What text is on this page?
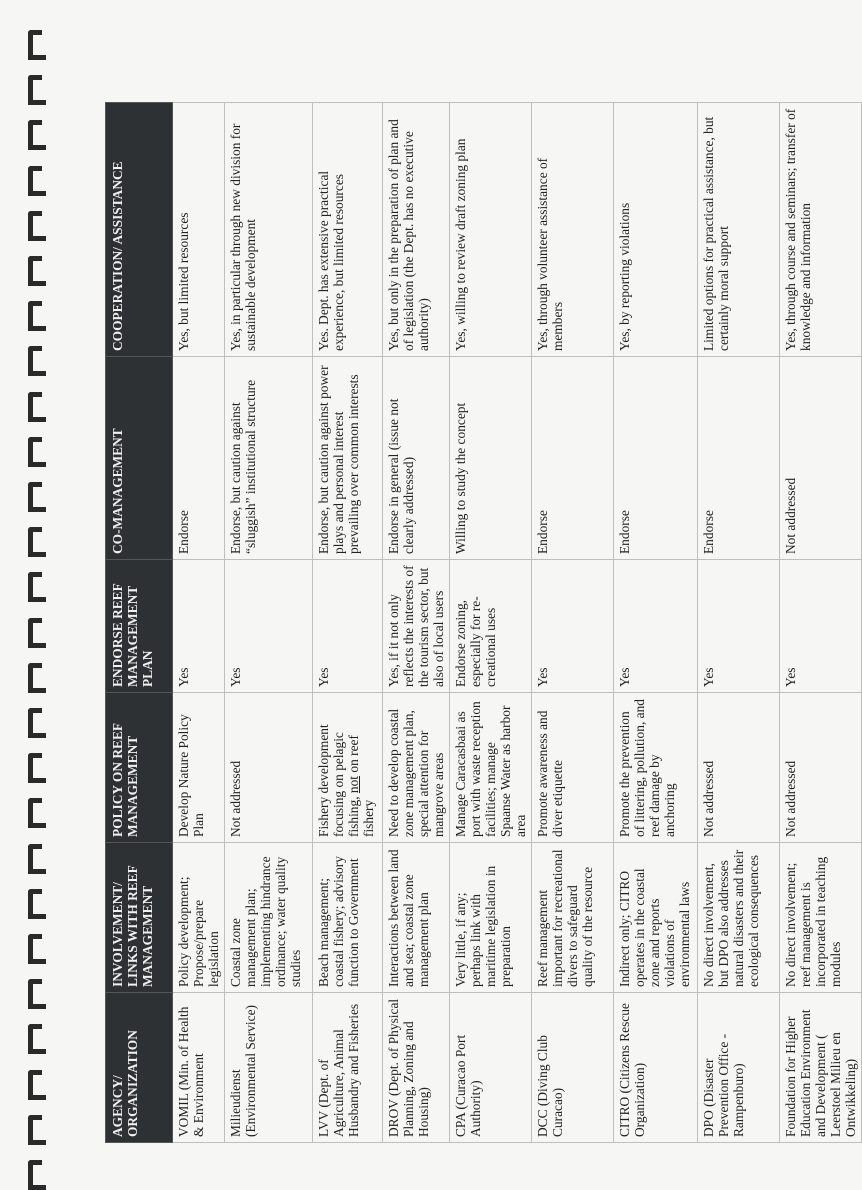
AGENCY/ ORGANIZATION	INVOLVEMENT/ LINKS WITH REEF MANAGEMENT	POLICY ON REEF MANAGEMENT	ENDORSE REEF MANAGEMENT PLAN	CO-MANAGEMENT	COOPERATION/ ASSISTANCE
VOMIL (Min. of Health & Environment	Policy development; Propose/prepare legislation	Develop Nature Policy Plan	Yes	Endorse	Yes, but limited resources
Milieudienst (Environmental Service)	Coastal zone management plan; implementing hindrance ordinance; water quality studies	Not addressed	Yes	Endorse, but caution against “sluggish” institutional structure	Yes, in particular through new division for sustainable development
LVV (Dept. of Agriculture, Animal Husbandry and Fisheries	Beach management; coastal fishery; advisory function to Government	Fishery development focusing on pelagic fishing, not on reef fishery	Yes	Endorse, but caution against power plays and personal interest prevailing over common interests	Yes. Dept. has extensive practical experience, but limited resources
DROV (Dept. of Physical Planning, Zoning and Housing)	Interactions between land and sea; coastal zone management plan	Need to develop coastal zone management plan, special attention for mangrove areas	Yes, if it not only reflects the interests of the tourism sector, but also of local users	Endorse in general (issue not clearly addressed)	Yes, but only in the preparation of plan and of legislation (the Dept. has no executive authority)
CPA (Curacao Port Authority)	Very little, if any; perhaps link with maritime legislation in preparation	Manage Caracasbaai as port with waste reception facilities; manage Spaanse Water as harbor area	Endorse zoning, especially for re-creational uses	Willing to study the concept	Yes, willing to review draft zoning plan
DCC (Diving Club Curacao)	Reef management important for recreational divers to safeguard quality of the resource	Promote awareness and diver etiquette	Yes	Endorse	Yes, through volunteer assistance of members
CITRO (Citizens Rescue Organization)	Indirect only; CITRO operates in the coastal zone and reports violations of environmental laws	Promote the prevention of littering, pollution, and reef damage by anchoring	Yes	Endorse	Yes, by reporting violations
DPO (Disaster Prevention Office - Rampenburo)	No direct involvement, but DPO also addresses natural disasters and their ecological consequences	Not addressed	Yes	Endorse	Limited options for practical assistance, but certainly moral support
Foundation for Higher Education Environment and Development ( Leerstoel Milieu en Ontwikkeling)	No direct involvement; reef management is incorporated in teaching modules	Not addressed	Yes	Not addressed	Yes, through course and seminars; transfer of knowledge and information
